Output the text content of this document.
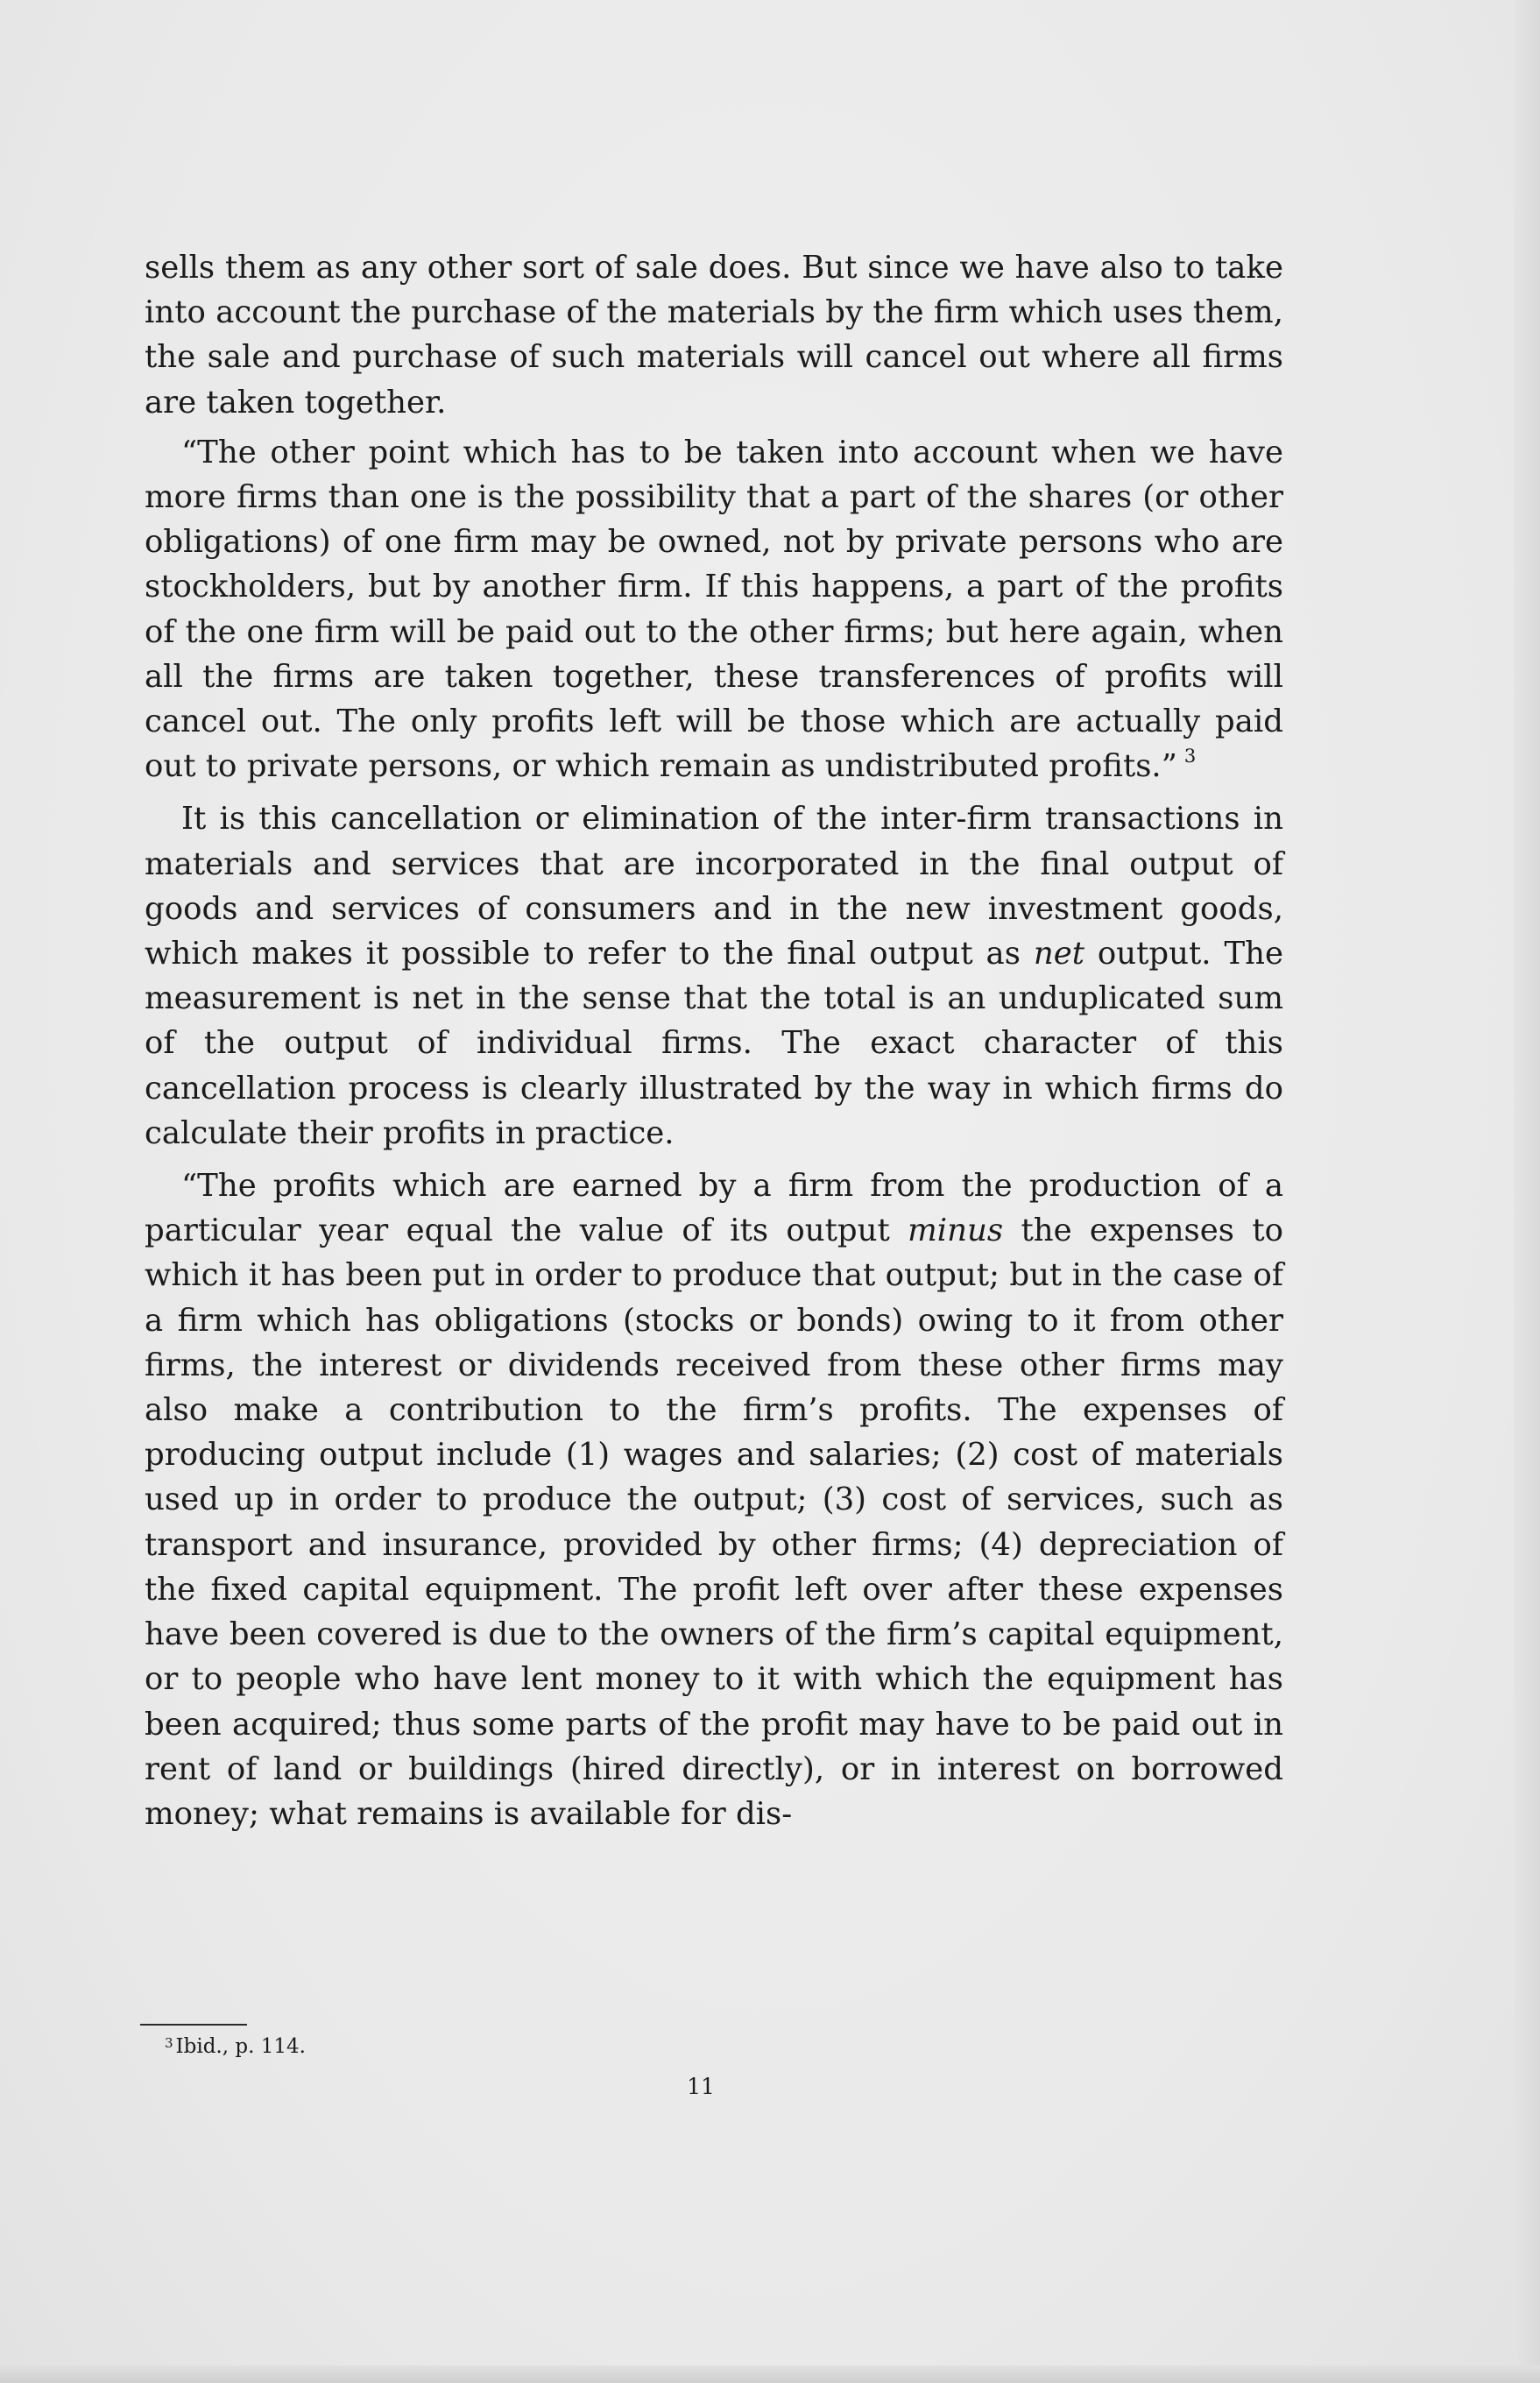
sells them as any other sort of sale does. But since we have also to take into account the purchase of the materials by the firm which uses them, the sale and purchase of such materials will cancel out where all firms are taken together.

“The other point which has to be taken into account when we have more firms than one is the possibility that a part of the shares (or other obligations) of one firm may be owned, not by private persons who are stockholders, but by another firm. If this happens, a part of the profits of the one firm will be paid out to the other firms; but here again, when all the firms are taken together, these transferences of profits will cancel out. The only profits left will be those which are actually paid out to private persons, or which remain as undistributed profits.” $^3$

It is this cancellation or elimination of the inter-firm transactions in materials and services that are incorporated in the final output of goods and services of consumers and in the new investment goods, which makes it possible to refer to the final output as net output. The measurement is net in the sense that the total is an unduplicated sum of the output of individual firms. The exact character of this cancellation process is clearly illustrated by the way in which firms do calculate their profits in practice.

“The profits which are earned by a firm from the production of a particular year equal the value of its output minus the expenses to which it has been put in order to produce that output; but in the case of a firm which has obligations (stocks or bonds) owing to it from other firms, the interest or dividends received from these other firms may also make a contribution to the firm’s profits. The expenses of producing output include (1) wages and salaries; (2) cost of materials used up in order to produce the output; (3) cost of services, such as transport and insurance, provided by other firms; (4) depreciation of the fixed capital equipment. The profit left over after these expenses have been covered is due to the owners of the firm’s capital equipment, or to people who have lent money to it with which the equipment has been acquired; thus some parts of the profit may have to be paid out in rent of land or buildings (hired directly), or in interest on borrowed money; what remains is available for dis-

$^3$ Ibid., p. 114.
11
